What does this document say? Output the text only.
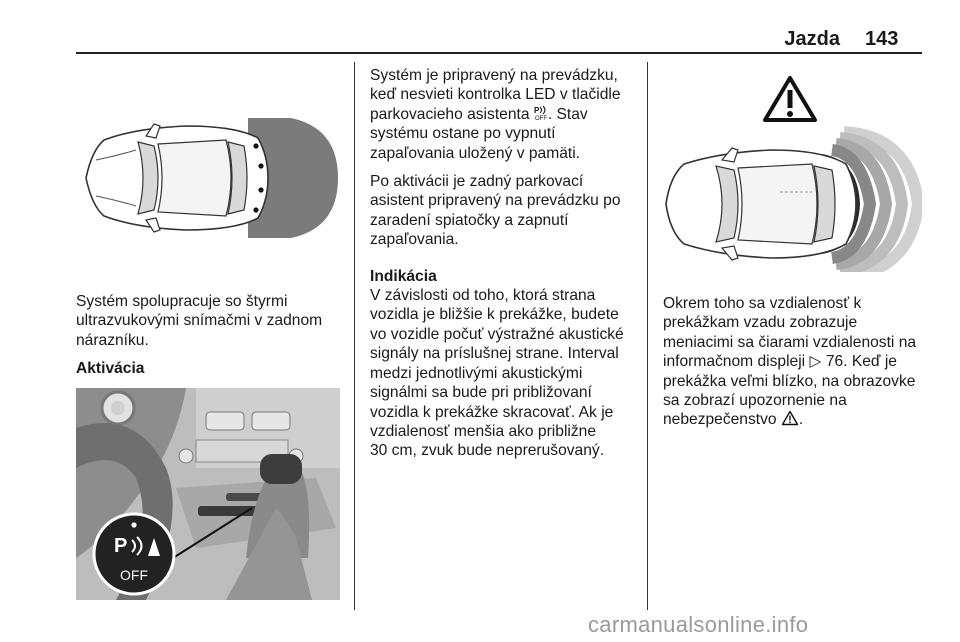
Jazda 143

Systém spolupracuje so štyrmi
ultrazvukovými snímačmi v zadnom
nárazníku.

Aktivácia
P
OFF

Systém je pripravený na prevádzku,
keď nesvieti kontrolka LED v tlačidle
parkovacieho asistenta P
OFF . Stav
systému ostane po vypnutí
zapaľovania uložený v pamäti.

Po aktivácii je zadný parkovací
asistent pripravený na prevádzku po
zaradení spiatočky a zapnutí
zapaľovania.

Indikácia

V závislosti od toho, ktorá strana
vozidla je bližšie k prekážke, budete
vo vozidle počuť výstražné akustické
signály na príslušnej strane. Interval
medzi jednotlivými akustickými
signálmi sa bude pri približovaní
vozidla k prekážke skracovať. Ak je
vzdialenosť menšia ako približne
30 cm, zvuk bude neprerušovaný.

Okrem toho sa vzdialenosť k
prekážkam vzadu zobrazuje
meniacimi sa čiarami vzdialenosti na
informačnom displeji ▷ 76. Keď je
prekážka veľmi blízko, na obrazovke
sa zobrazí upozornenie na
nebezpečenstvo .

carmanualsonline.info
